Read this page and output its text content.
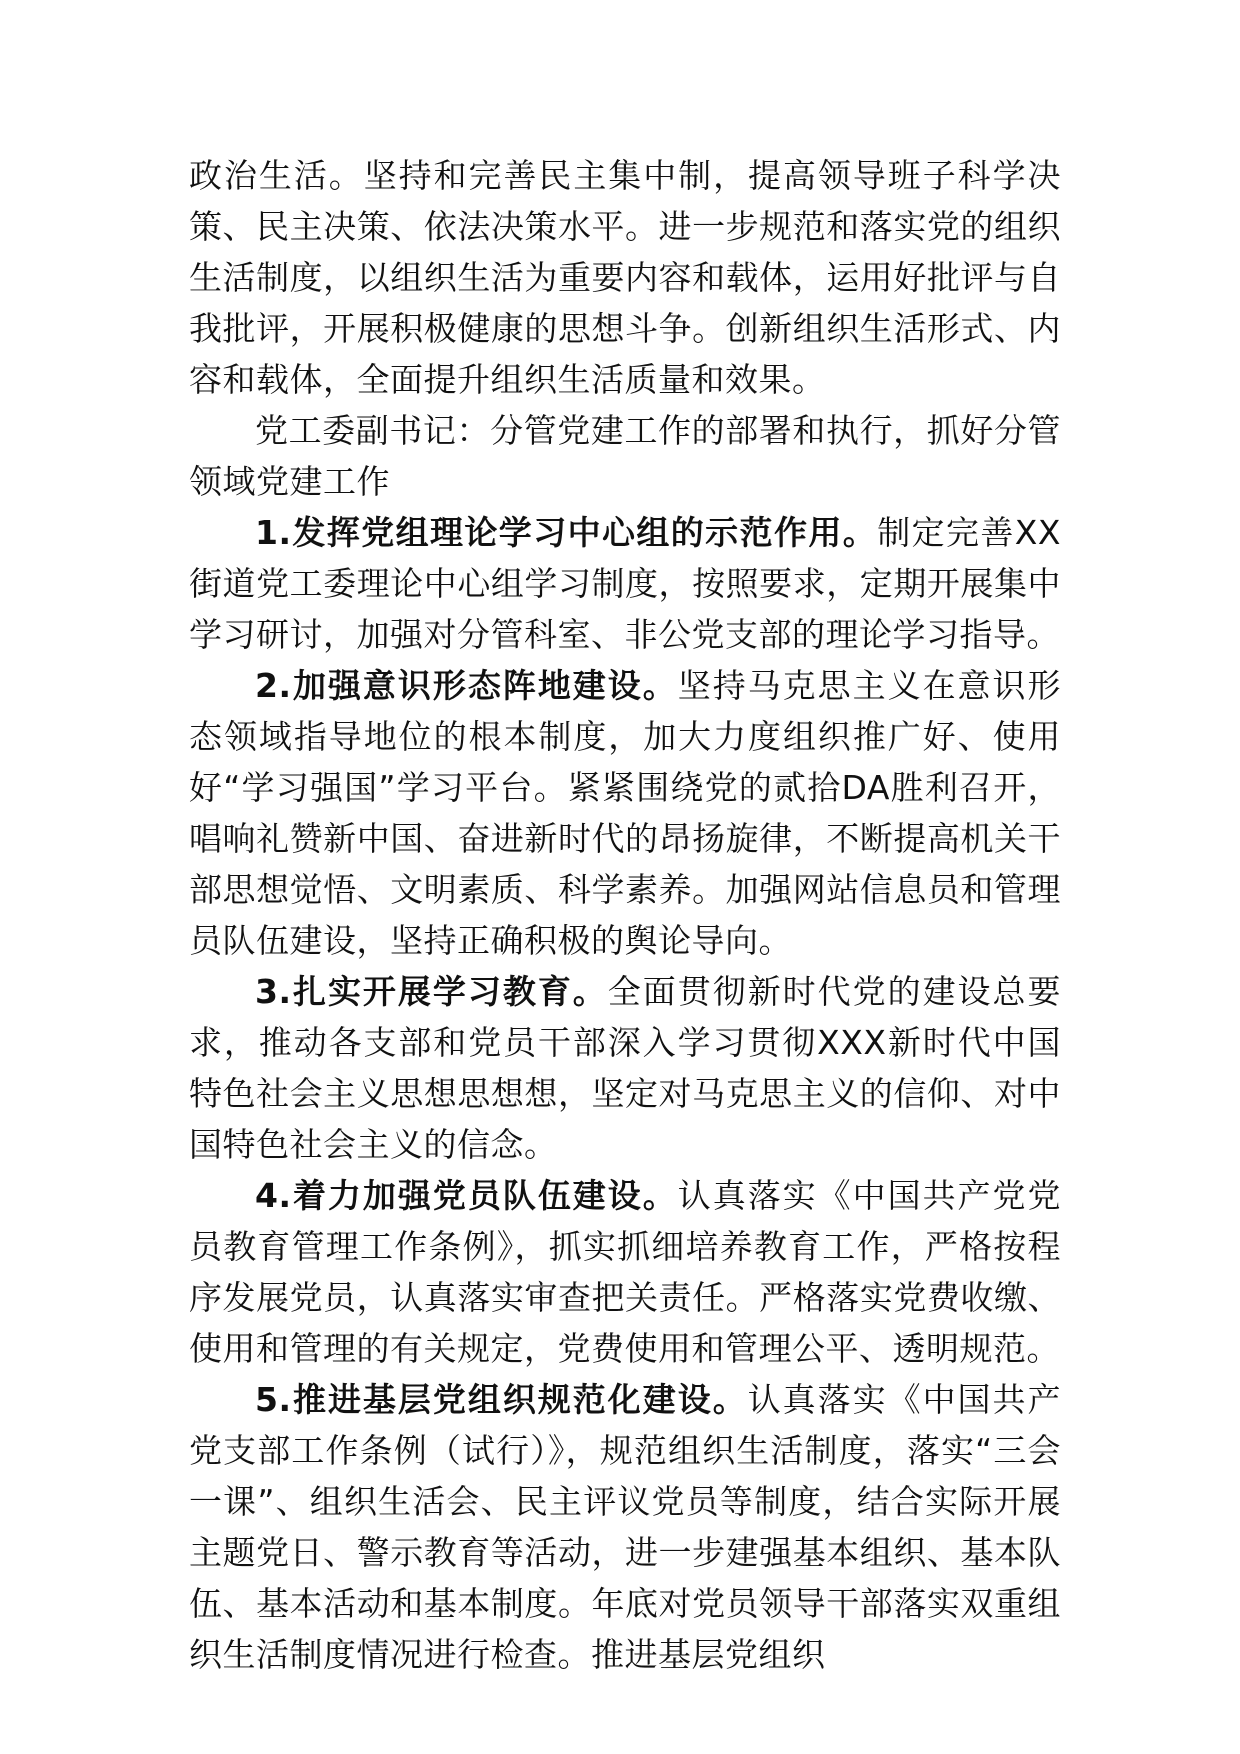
政治生活。坚持和完善民主集中制，提高领导班子科学决策、民主决策、依法决策水平。进一步规范和落实党的组织生活制度，以组织生活为重要内容和载体，运用好批评与自我批评，开展积极健康的思想斗争。创新组织生活形式、内容和载体，全面提升组织生活质量和效果。

党工委副书记：分管党建工作的部署和执行，抓好分管领域党建工作

1.发挥党组理论学习中心组的示范作用。制定完善XX街道党工委理论中心组学习制度，按照要求，定期开展集中学习研讨，加强对分管科室、非公党支部的理论学习指导。

2.加强意识形态阵地建设。坚持马克思主义在意识形态领域指导地位的根本制度，加大力度组织推广好、使用好“学习强国”学习平台。紧紧围绕党的贰拾DA胜利召开，唱响礼赞新中国、奋进新时代的昂扬旋律，不断提高机关干部思想觉悟、文明素质、科学素养。加强网站信息员和管理员队伍建设，坚持正确积极的舆论导向。

3.扎实开展学习教育。全面贯彻新时代党的建设总要求，推动各支部和党员干部深入学习贯彻XXX新时代中国特色社会主义思想思想想，坚定对马克思主义的信仰、对中国特色社会主义的信念。

4.着力加强党员队伍建设。认真落实《中国共产党党员教育管理工作条例》，抓实抓细培养教育工作，严格按程序发展党员，认真落实审查把关责任。严格落实党费收缴、使用和管理的有关规定，党费使用和管理公平、透明规范。

5.推进基层党组织规范化建设。认真落实《中国共产党支部工作条例（试行）》，规范组织生活制度，落实“三会一课”、组织生活会、民主评议党员等制度，结合实际开展主题党日、警示教育等活动，进一步建强基本组织、基本队伍、基本活动和基本制度。年底对党员领导干部落实双重组织生活制度情况进行检查。推进基层党组织
